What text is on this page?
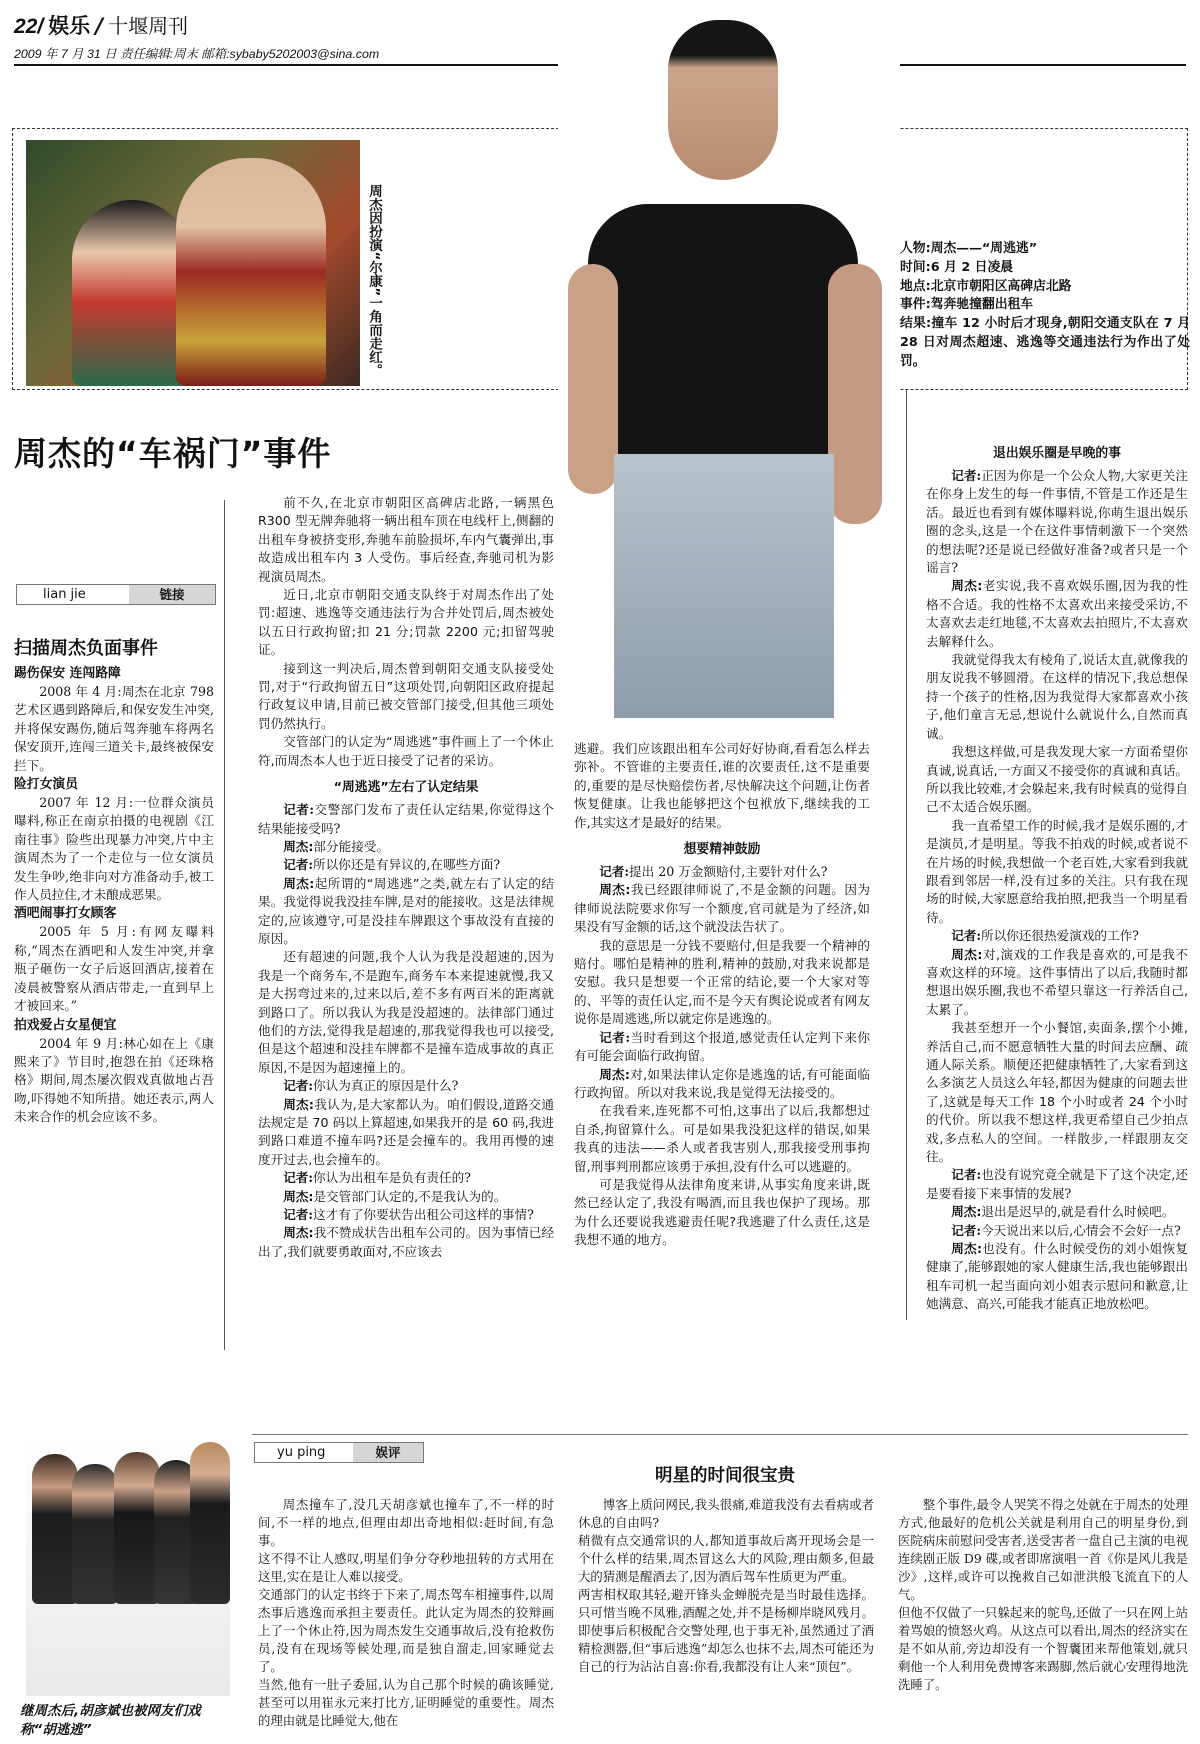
22/ 娱乐 / 十堰周刊
2009 年 7 月 31 日 责任编辑:周末 邮箱:sybaby5202003@sina.com
周杰因扮演“尔康”一角而走红。	人物:周杰——“周逃逃”
时间:6 月 2 日凌晨
地点:北京市朝阳区高碑店北路
事件:驾奔驰撞翻出租车
结果:撞车 12 小时后才现身,朝阳交通支队在 7 月 28 日对周杰超速、逃逸等交通违法行为作出了处罚。
周杰的“车祸门”事件
lian jie	链接
扫描周杰负面事件
踢伤保安 连闯路障

2008 年 4 月:周杰在北京 798 艺术区遇到路障后,和保安发生冲突,并将保安踢伤,随后驾奔驰车将两名保安顶开,连闯三道关卡,最终被保安拦下。

险打女演员

2007 年 12 月:一位群众演员曝料,称正在南京拍摄的电视剧《江南往事》险些出现暴力冲突,片中主演周杰为了一个走位与一位女演员发生争吵,绝非向对方准备动手,被工作人员拉住,才未酿成恶果。

酒吧闹事打女顾客

2005 年 5 月:有网友曝料称,“周杰在酒吧和人发生冲突,并拿瓶子砸伤一女子后返回酒店,接着在凌晨被警察从酒店带走,一直到早上才被回来。”

拍戏爱占女星便宜

2004 年 9 月:林心如在上《康熙来了》节目时,抱怨在拍《还珠格格》期间,周杰屡次假戏真做地占吾吻,吓得她不知所措。她还表示,两人未来合作的机会应该不多。

前不久,在北京市朝阳区高碑店北路,一辆黑色 R300 型无牌奔驰将一辆出租车顶在电线杆上,侧翻的出租车身被挤变形,奔驰车前脸损坏,车内气囊弹出,事故造成出租车内 3 人受伤。事后经查,奔驰司机为影视演员周杰。

近日,北京市朝阳交通支队终于对周杰作出了处罚:超速、逃逸等交通违法行为合并处罚后,周杰被处以五日行政拘留;扣 21 分;罚款 2200 元;扣留驾驶证。

接到这一判决后,周杰曾到朝阳交通支队接受处罚,对于“行政拘留五日”这项处罚,向朝阳区政府提起行政复议申请,目前已被交管部门接受,但其他三项处罚仍然执行。

交管部门的认定为“周逃逃”事件画上了一个休止符,而周杰本人也于近日接受了记者的采访。

“周逃逃”左右了认定结果

记者:交警部门发布了责任认定结果,你觉得这个结果能接受吗?

周杰:部分能接受。

记者:所以你还是有异议的,在哪些方面?

周杰:起所谓的“周逃逃”之类,就左右了认定的结果。我觉得说我没挂车牌,是对的能接收。这是法律规定的,应该遵守,可是没挂车牌跟这个事故没有直接的原因。

还有超速的问题,我个人认为我是没超速的,因为我是一个商务车,不是跑车,商务车本来提速就慢,我又是大拐弯过来的,过来以后,差不多有两百米的距离就到路口了。所以我认为我是没超速的。法律部门通过他们的方法,觉得我是超速的,那我觉得我也可以接受,但是这个超速和没挂车牌都不是撞车造成事故的真正原因,不是因为超速撞上的。

记者:你认为真正的原因是什么?

周杰:我认为,是大家都认为。咱们假设,道路交通法规定是 70 码以上算超速,如果我开的是 60 码,我进到路口难道不撞车吗?还是会撞车的。我用再慢的速度开过去,也会撞车的。

记者:你认为出租车是负有责任的?

周杰:是交管部门认定的,不是我认为的。

记者:这才有了你要状告出租公司这样的事情?

周杰:我不赞成状告出租车公司的。因为事情已经出了,我们就要勇敢面对,不应该去

逃避。我们应该跟出租车公司好好协商,看看怎么样去弥补。不管谁的主要责任,谁的次要责任,这不是重要的,重要的是尽快赔偿伤者,尽快解决这个问题,让伤者恢复健康。让我也能够把这个包袱放下,继续我的工作,其实这才是最好的结果。

想要精神鼓励

记者:提出 20 万金额赔付,主要针对什么?

周杰:我已经跟律师说了,不是金额的问题。因为律师说法院要求你写一个额度,官司就是为了经济,如果没有写金额的话,这个就没法告状了。

我的意思是一分钱不要赔付,但是我要一个精神的赔付。哪怕是精神的胜利,精神的鼓励,对我来说都是安慰。我只是想要一个正常的结论,要一个大家对等的、平等的责任认定,而不是今天有舆论说或者有网友说你是周逃逃,所以就定你是逃逸的。

记者:当时看到这个报道,感觉责任认定判下来你有可能会面临行政拘留。

周杰:对,如果法律认定你是逃逸的话,有可能面临行政拘留。所以对我来说,我是觉得无法接受的。

在我看来,连死都不可怕,这事出了以后,我都想过自杀,拘留算什么。可是如果我没犯这样的错误,如果我真的违法——杀人或者我害别人,那我接受刑事拘留,刑事判刑都应该勇于承担,没有什么可以逃避的。

可是我觉得从法律角度来讲,从事实角度来讲,既然已经认定了,我没有喝酒,而且我也保护了现场。那为什么还要说我逃避责任呢?我逃避了什么责任,这是我想不通的地方。

退出娱乐圈是早晚的事

记者:正因为你是一个公众人物,大家更关注在你身上发生的每一件事情,不管是工作还是生活。最近也看到有媒体曝料说,你萌生退出娱乐圈的念头,这是一个在这件事情刺激下一个突然的想法呢?还是说已经做好准备?或者只是一个谣言?

周杰:老实说,我不喜欢娱乐圈,因为我的性格不合适。我的性格不太喜欢出来接受采访,不太喜欢去走红地毯,不太喜欢去拍照片,不太喜欢去解释什么。

我就觉得我太有棱角了,说话太直,就像我的朋友说我不够圆滑。在这样的情况下,我总想保持一个孩子的性格,因为我觉得大家都喜欢小孩子,他们童言无忌,想说什么就说什么,自然而真诚。

我想这样做,可是我发现大家一方面希望你真诚,说真话,一方面又不接受你的真诚和真话。所以我比较难,才会躲起来,我有时候真的觉得自己不太适合娱乐圈。

我一直希望工作的时候,我才是娱乐圈的,才是演员,才是明星。等我不拍戏的时候,或者说不在片场的时候,我想做一个老百姓,大家看到我就跟看到邻居一样,没有过多的关注。只有我在现场的时候,大家愿意给我拍照,把我当一个明星看待。

记者:所以你还很热爱演戏的工作?

周杰:对,演戏的工作我是喜欢的,可是我不喜欢这样的环境。这件事情出了以后,我随时都想退出娱乐圈,我也不希望只靠这一行养活自己,太累了。

我甚至想开一个小餐馆,卖面条,摆个小摊,养活自己,而不愿意牺牲大量的时间去应酬、疏通人际关系。顺便还把健康牺牲了,大家看到这么多演艺人员这么年轻,都因为健康的问题去世了,这就是每天工作 18 个小时或者 24 个小时的代价。所以我不想这样,我更希望自己少拍点戏,多点私人的空间。一样散步,一样跟朋友交往。

记者:也没有说究竟全就是下了这个决定,还是要看接下来事情的发展?

周杰:退出是迟早的,就是看什么时候吧。

记者:今天说出来以后,心情会不会好一点?

周杰:也没有。什么时候受伤的刘小姐恢复健康了,能够跟她的家人健康生活,我也能够跟出租车司机一起当面向刘小姐表示慰问和歉意,让她满意、高兴,可能我才能真正地放松吧。

继周杰后,胡彦斌也被网友们戏称“胡逃逃”
yu ping	娱评
明星的时间很宝贵
周杰撞车了,没几天胡彦斌也撞车了,不一样的时间,不一样的地点,但理由却出奇地相似:赶时间,有急事。
这不得不让人感叹,明星们争分夺秒地扭转的方式用在这里,实在是让人难以接受。
交通部门的认定书终于下来了,周杰驾车相撞事件,以周杰事后逃逸而承担主要责任。此认定为周杰的狡辩画上了一个休止符,因为周杰发生交通事故后,没有抢救伤员,没有在现场等候处理,而是独自溜走,回家睡觉去了。
当然,他有一肚子委屈,认为自己那个时候的确该睡觉,甚至可以用崔永元来打比方,证明睡觉的重要性。周杰的理由就是比睡觉大,他在
博客上质问网民,我头很痛,难道我没有去看病或者休息的自由吗?
稍微有点交通常识的人,都知道事故后离开现场会是一个什么样的结果,周杰冒这么大的风险,理由颇多,但最大的猜测是醒酒去了,因为酒后驾车性质更为严重。
两害相权取其轻,避开锋头金蝉脱壳是当时最佳选择。只可惜当晚不凤雅,酒醒之处,并不是杨柳岸晓风残月。即使事后积极配合交警处理,也于事无补,虽然通过了酒精检测器,但“事后逃逸”却怎么也抹不去,周杰可能还为自己的行为沾沾自喜:你看,我都没有让人来“顶包”。
整个事件,最令人哭笑不得之处就在于周杰的处理方式,他最好的危机公关就是利用自己的明星身份,到医院病床前慰问受害者,送受害者一盘自己主演的电视连续剧正版 D9 碟,或者即席演唱一首《你是风儿我是沙》,这样,或许可以挽救自己如泄洪般飞流直下的人气。
但他不仅做了一只躲起来的鸵鸟,还做了一只在网上站着骂娘的愤怒火鸡。从这点可以看出,周杰的经济实在是不如从前,旁边却没有一个智囊团来帮他策划,就只剩他一个人利用免费博客来踢脚,然后就心安理得地洗洗睡了。
